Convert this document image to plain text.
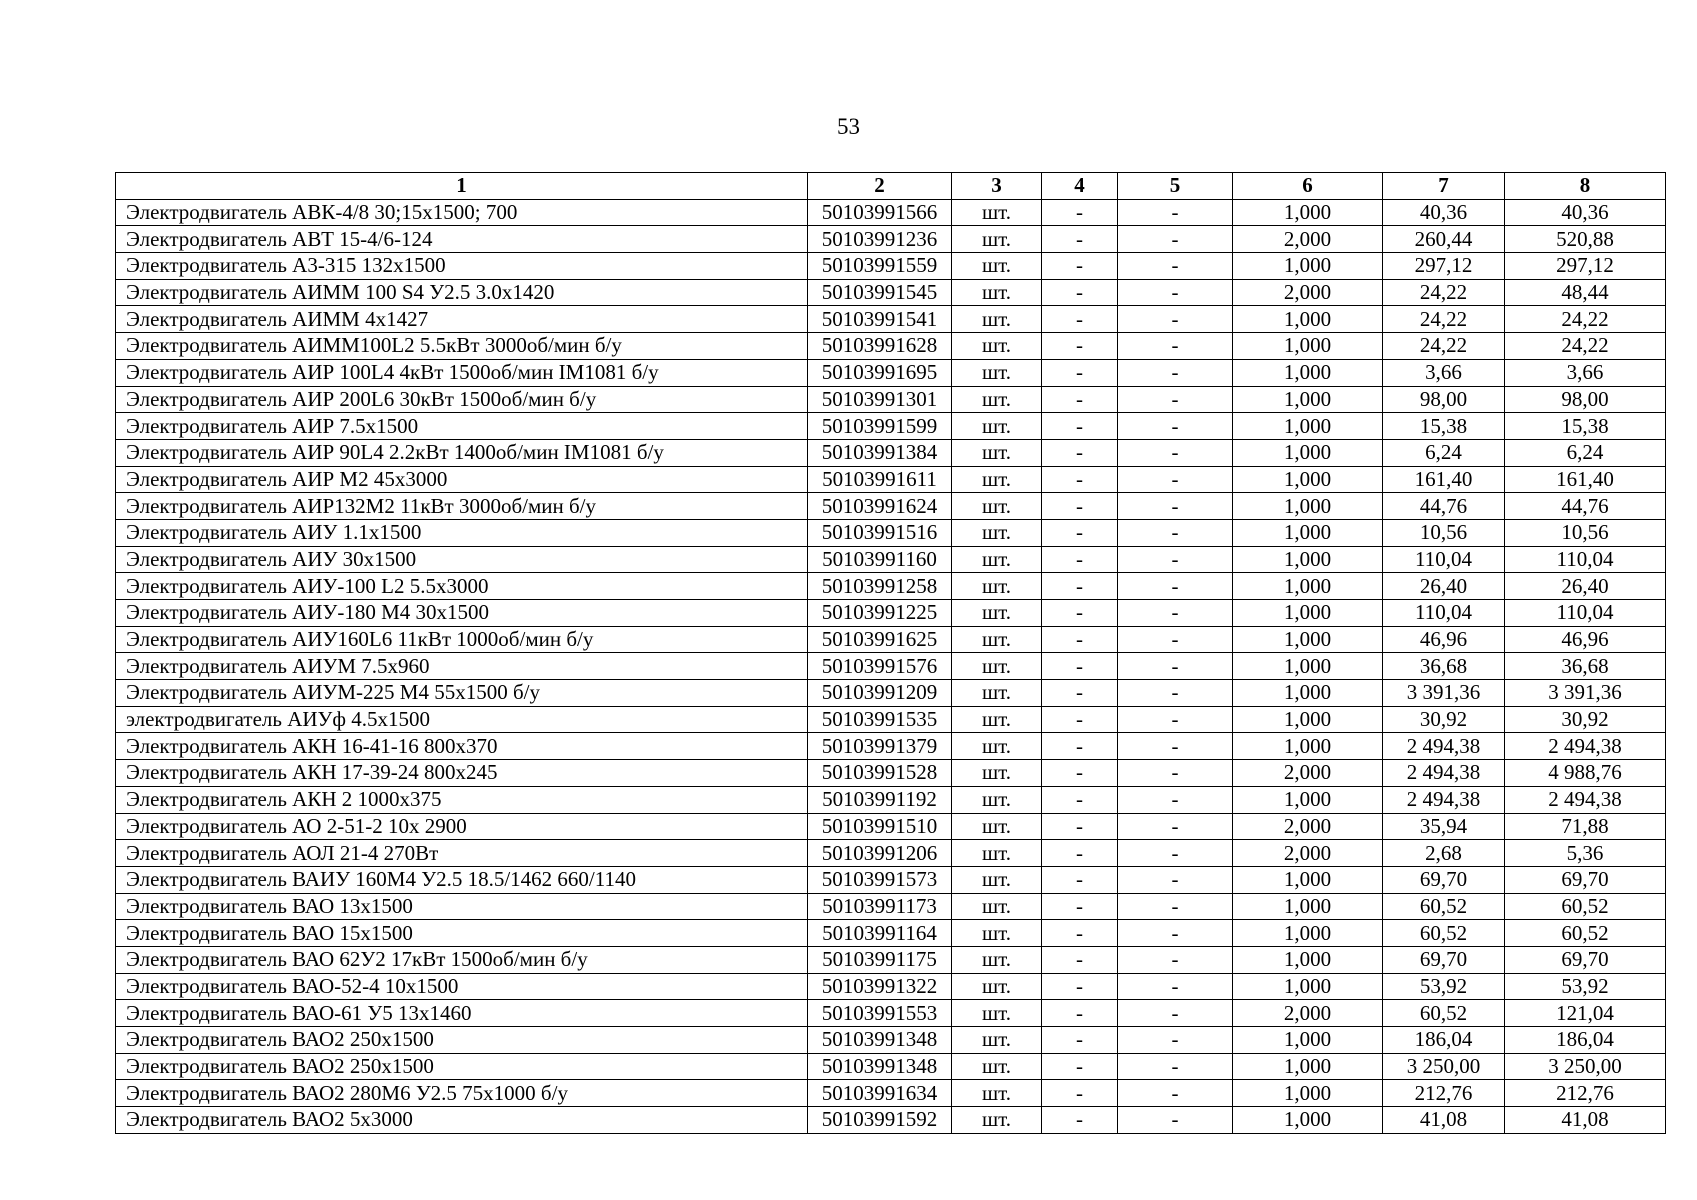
53
1	2	3	4	5	6	7	8
Электродвигатель АВК-4/8 30;15х1500; 700	50103991566	шт.	-	-	1,000	40,36	40,36
Электродвигатель АВТ 15-4/6-124	50103991236	шт.	-	-	2,000	260,44	520,88
Электродвигатель А3-315 132х1500	50103991559	шт.	-	-	1,000	297,12	297,12
Электродвигатель АИММ 100 S4 У2.5 3.0х1420	50103991545	шт.	-	-	2,000	24,22	48,44
Электродвигатель АИММ 4х1427	50103991541	шт.	-	-	1,000	24,22	24,22
Электродвигатель АИММ100L2 5.5кВт 3000об/мин б/у	50103991628	шт.	-	-	1,000	24,22	24,22
Электродвигатель АИР 100L4 4кВт 1500об/мин IM1081 б/у	50103991695	шт.	-	-	1,000	3,66	3,66
Электродвигатель АИР 200L6 30кВт 1500об/мин б/у	50103991301	шт.	-	-	1,000	98,00	98,00
Электродвигатель АИР 7.5х1500	50103991599	шт.	-	-	1,000	15,38	15,38
Электродвигатель АИР 90L4 2.2кВт 1400об/мин IM1081 б/у	50103991384	шт.	-	-	1,000	6,24	6,24
Электродвигатель АИР М2 45х3000	50103991611	шт.	-	-	1,000	161,40	161,40
Электродвигатель АИР132М2 11кВт 3000об/мин б/у	50103991624	шт.	-	-	1,000	44,76	44,76
Электродвигатель АИУ 1.1х1500	50103991516	шт.	-	-	1,000	10,56	10,56
Электродвигатель АИУ 30х1500	50103991160	шт.	-	-	1,000	110,04	110,04
Электродвигатель АИУ-100 L2 5.5х3000	50103991258	шт.	-	-	1,000	26,40	26,40
Электродвигатель АИУ-180 М4 30х1500	50103991225	шт.	-	-	1,000	110,04	110,04
Электродвигатель АИУ160L6 11кВт 1000об/мин б/у	50103991625	шт.	-	-	1,000	46,96	46,96
Электродвигатель АИУМ 7.5х960	50103991576	шт.	-	-	1,000	36,68	36,68
Электродвигатель АИУМ-225 М4 55х1500 б/у	50103991209	шт.	-	-	1,000	3 391,36	3 391,36
электродвигатель АИУф 4.5х1500	50103991535	шт.	-	-	1,000	30,92	30,92
Электродвигатель АКН 16-41-16 800х370	50103991379	шт.	-	-	1,000	2 494,38	2 494,38
Электродвигатель АКН 17-39-24 800х245	50103991528	шт.	-	-	2,000	2 494,38	4 988,76
Электродвигатель АКН 2 1000х375	50103991192	шт.	-	-	1,000	2 494,38	2 494,38
Электродвигатель АО 2-51-2 10х 2900	50103991510	шт.	-	-	2,000	35,94	71,88
Электродвигатель АОЛ 21-4 270Вт	50103991206	шт.	-	-	2,000	2,68	5,36
Электродвигатель ВАИУ 160М4 У2.5 18.5/1462 660/1140	50103991573	шт.	-	-	1,000	69,70	69,70
Электродвигатель ВАО 13х1500	50103991173	шт.	-	-	1,000	60,52	60,52
Электродвигатель ВАО 15х1500	50103991164	шт.	-	-	1,000	60,52	60,52
Электродвигатель ВАО 62У2 17кВт 1500об/мин б/у	50103991175	шт.	-	-	1,000	69,70	69,70
Электродвигатель ВАО-52-4 10х1500	50103991322	шт.	-	-	1,000	53,92	53,92
Электродвигатель ВАО-61 У5 13х1460	50103991553	шт.	-	-	2,000	60,52	121,04
Электродвигатель ВАО2 250х1500	50103991348	шт.	-	-	1,000	186,04	186,04
Электродвигатель ВАО2 250х1500	50103991348	шт.	-	-	1,000	3 250,00	3 250,00
Электродвигатель ВАО2 280М6 У2.5 75х1000 б/у	50103991634	шт.	-	-	1,000	212,76	212,76
Электродвигатель ВАО2 5х3000	50103991592	шт.	-	-	1,000	41,08	41,08
